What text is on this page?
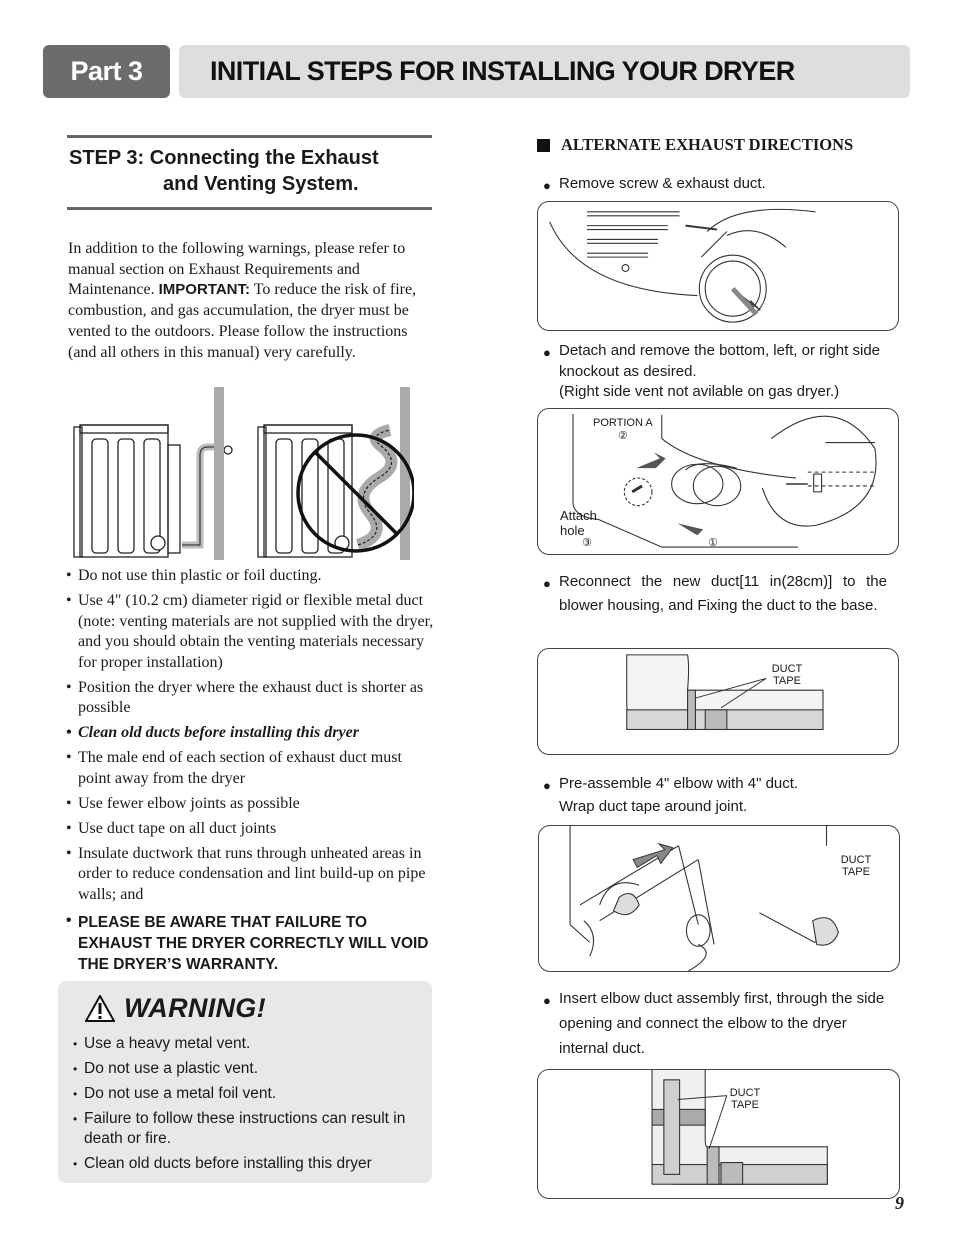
Part 3	INITIAL STEPS FOR INSTALLING YOUR DRYER
STEP 3: Connecting the Exhaust
and Venting System.

In addition to the following warnings, please refer to manual section on Exhaust Requirements and Maintenance. IMPORTANT: To reduce the risk of fire, combustion, and gas accumulation, the dryer must be vented to the outdoors. Please follow the instructions (and all others in this manual) very carefully.

• Do not use thin plastic or foil ducting.
• Use 4" (10.2 cm) diameter rigid or flexible metal duct (note: venting materials are not supplied with the dryer, and you should obtain the venting materials necessary for proper installation)
• Position the dryer where the exhaust duct is shorter as possible
• Clean old ducts before installing this dryer
• The male end of each section of exhaust duct must point away from the dryer
• Use fewer elbow joints as possible
• Use duct tape on all duct joints
• Insulate ductwork that runs through unheated areas in order to reduce condensation and lint build-up on pipe walls; and
• PLEASE BE AWARE THAT FAILURE TO EXHAUST THE DRYER CORRECTLY WILL VOID THE DRYER’S WARRANTY.
WARNING!
• Use a heavy metal vent.
• Do not use a plastic vent.
• Do not use a metal foil vent.
• Failure to follow these instructions can result in death or fire.
• Clean old ducts before installing this dryer
ALTERNATE EXHAUST DIRECTIONS
● Remove screw & exhaust duct.
● Detach and remove the bottom, left, or right side knockout as desired.
(Right side vent not avilable on gas dryer.)
PORTION A
②
Attach hole
③	①
● Reconnect the new duct[11 in(28cm)] to the blower housing, and Fixing the duct to the base.
DUCT TAPE
● Pre-assemble 4" elbow with 4" duct.
Wrap duct tape around joint.
DUCT TAPE
● Insert elbow duct assembly first, through the side opening and connect the elbow to the dryer internal duct.
DUCT TAPE
9
